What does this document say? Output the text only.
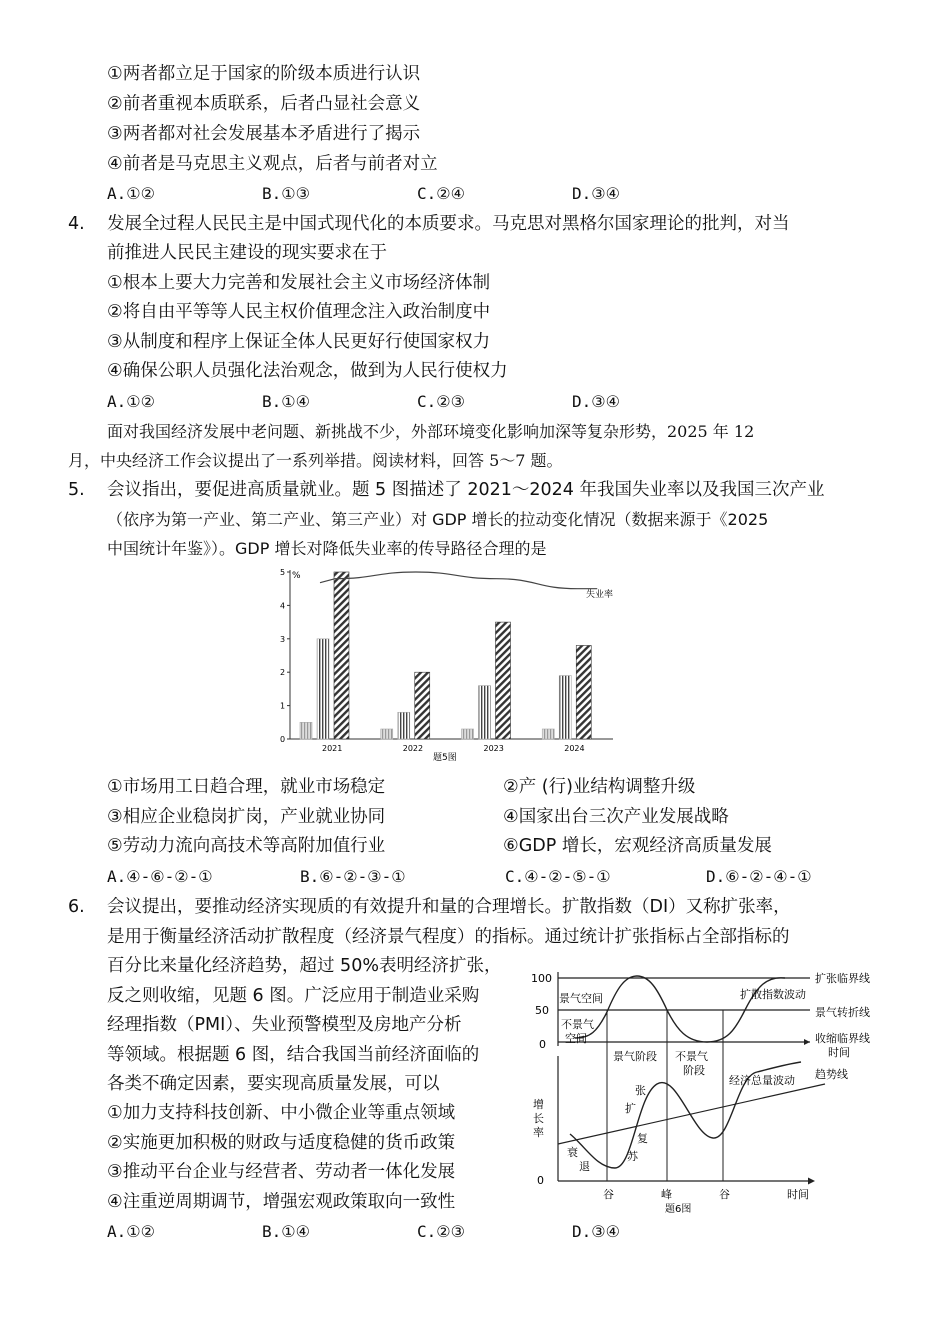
①两者都立足于国家的阶级本质进行认识
②前者重视本质联系，后者凸显社会意义
③两者都对社会发展基本矛盾进行了揭示
④前者是马克思主义观点，后者与前者对立
A.①②	B.①③	C.②④	D.③④
4. 发展全过程人民民主是中国式现代化的本质要求。马克思对黑格尔国家理论的批判，对当
前推进人民民主建设的现实要求在于
①根本上要大力完善和发展社会主义市场经济体制
②将自由平等等人民主权价值理念注入政治制度中
③从制度和程序上保证全体人民更好行使国家权力
④确保公职人员强化法治观念，做到为人民行使权力
A.①②	B.①④	C.②③	D.③④
面对我国经济发展中老问题、新挑战不少，外部环境变化影响加深等复杂形势，2025 年 12
月，中央经济工作会议提出了一系列举措。阅读材料，回答 5～7 题。
5. 会议指出，要促进高质量就业。题 5 图描述了 2021～2024 年我国失业率以及我国三次产业
（依序为第一产业、第二产业、第三产业）对 GDP 增长的拉动变化情况（数据来源于《2025
中国统计年鉴》）。GDP 增长对降低失业率的传导路径合理的是
0
1
2
3
4
5
2021	2022	2023	2024
%
失业率
题5图
①市场用工日趋合理，就业市场稳定	②产 (行)业结构调整升级
③相应企业稳岗扩岗，产业就业协同	④国家出台三次产业发展战略
⑤劳动力流向高技术等高附加值行业	⑥GDP 增长，宏观经济高质量发展
A.④-⑥-②-①	B.⑥-②-③-①	C.④-②-⑤-①	D.⑥-②-④-①
6. 会议提出，要推动经济实现质的有效提升和量的合理增长。扩散指数（DI）又称扩张率，
是用于衡量经济活动扩散程度（经济景气程度）的指标。通过统计扩张指标占全部指标的
百分比来量化经济趋势，超过 50%表明经济扩张，
反之则收缩，见题 6 图。广泛应用于制造业采购
经理指数（PMI）、失业预警模型及房地产分析
等领域。根据题 6 图，结合我国当前经济面临的
各类不确定因素，要实现高质量发展，可以
①加力支持科技创新、中小微企业等重点领域
②实施更加积极的财政与适度稳健的货币政策
③推动平台企业与经营者、劳动者一体化发展
④注重逆周期调节，增强宏观政策取向一致性
A.①②	B.①④	C.②③	D.③④
100
50
0
景气空间
不景气
空间
扩张临界线
扩散指数波动
景气转折线
收缩临界线
时间
景气阶段 不景气
阶段
经济总量波动 趋势线
增
长
率
0
衰
退
张
扩
复
苏
谷	峰	谷	时间
题6图
